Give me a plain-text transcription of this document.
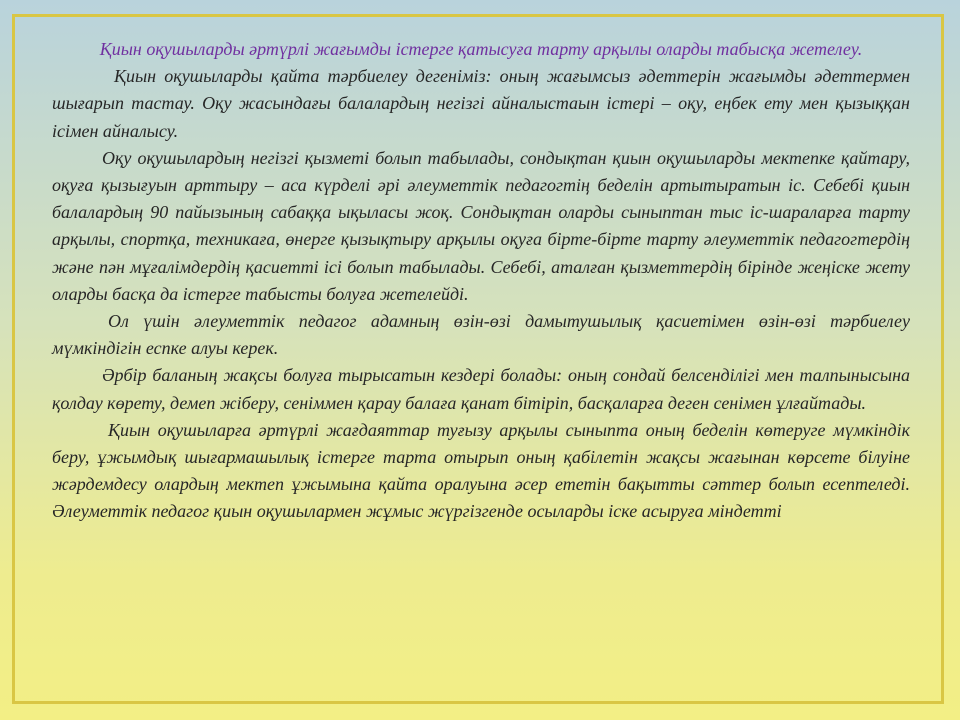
Қиын оқушыларды әртүрлі жағымды істерге қатысуға тарту арқылы оларды табысқа жетелеу.

Қиын оқушыларды қайта тәрбиелеу дегеніміз: оның жағымсыз әдеттерін жағымды әдеттермен шығарып тастау. Оқу жасындағы балалардың негізгі айналыстаын істері – оқу, еңбек ету мен қызыққан ісімен айналысу.

Оқу оқушылардың негізгі қызметі болып табылады, сондықтан қиын оқушыларды мектепке қайтару, оқуға қызығуын арттыру – аса күрделі әрі әлеуметтік педагогтің беделін артытыратын іс. Себебі қиын балалардың 90 пайызының сабаққа ықыласы жоқ. Сондықтан оларды сыныптан тыс іс-шараларға тарту арқылы, спортқа, техникаға, өнерге қызықтыру арқылы оқуға бірте-бірте тарту әлеуметтік педагогтердің және пән мұғалімдердің қасиетті ісі болып табылады. Себебі, аталған қызметтердің бірінде жеңіске жету оларды басқа да істерге табысты болуға жетелейді.

Ол үшін әлеуметтік педагог адамның өзін-өзі дамытушылық қасиетімен өзін-өзі тәрбиелеу мүмкіндігін еспке алуы керек.

Әрбір баланың жақсы болуға тырысатын кездері болады: оның сондай белсенділігі мен талпынысына қолдау көрету, демеп жіберу, сеніммен қарау балаға қанат бітіріп, басқаларға деген сенімен ұлғайтады.

Қиын оқушыларға әртүрлі жағдаяттар туғызу арқылы сыныпта оның беделін көтеруге мүмкіндік беру, ұжымдық шығармашылық істерге тарта отырып оның қабілетін жақсы жағынан көрсете білуіне жәрдемдесу олардың мектеп ұжымына қайта оралуына әсер ететін бақытты сәттер болып есептеледі. Әлеуметтік педагог қиын оқушылармен жұмыс жүргізгенде осыларды іске асыруға міндетті
